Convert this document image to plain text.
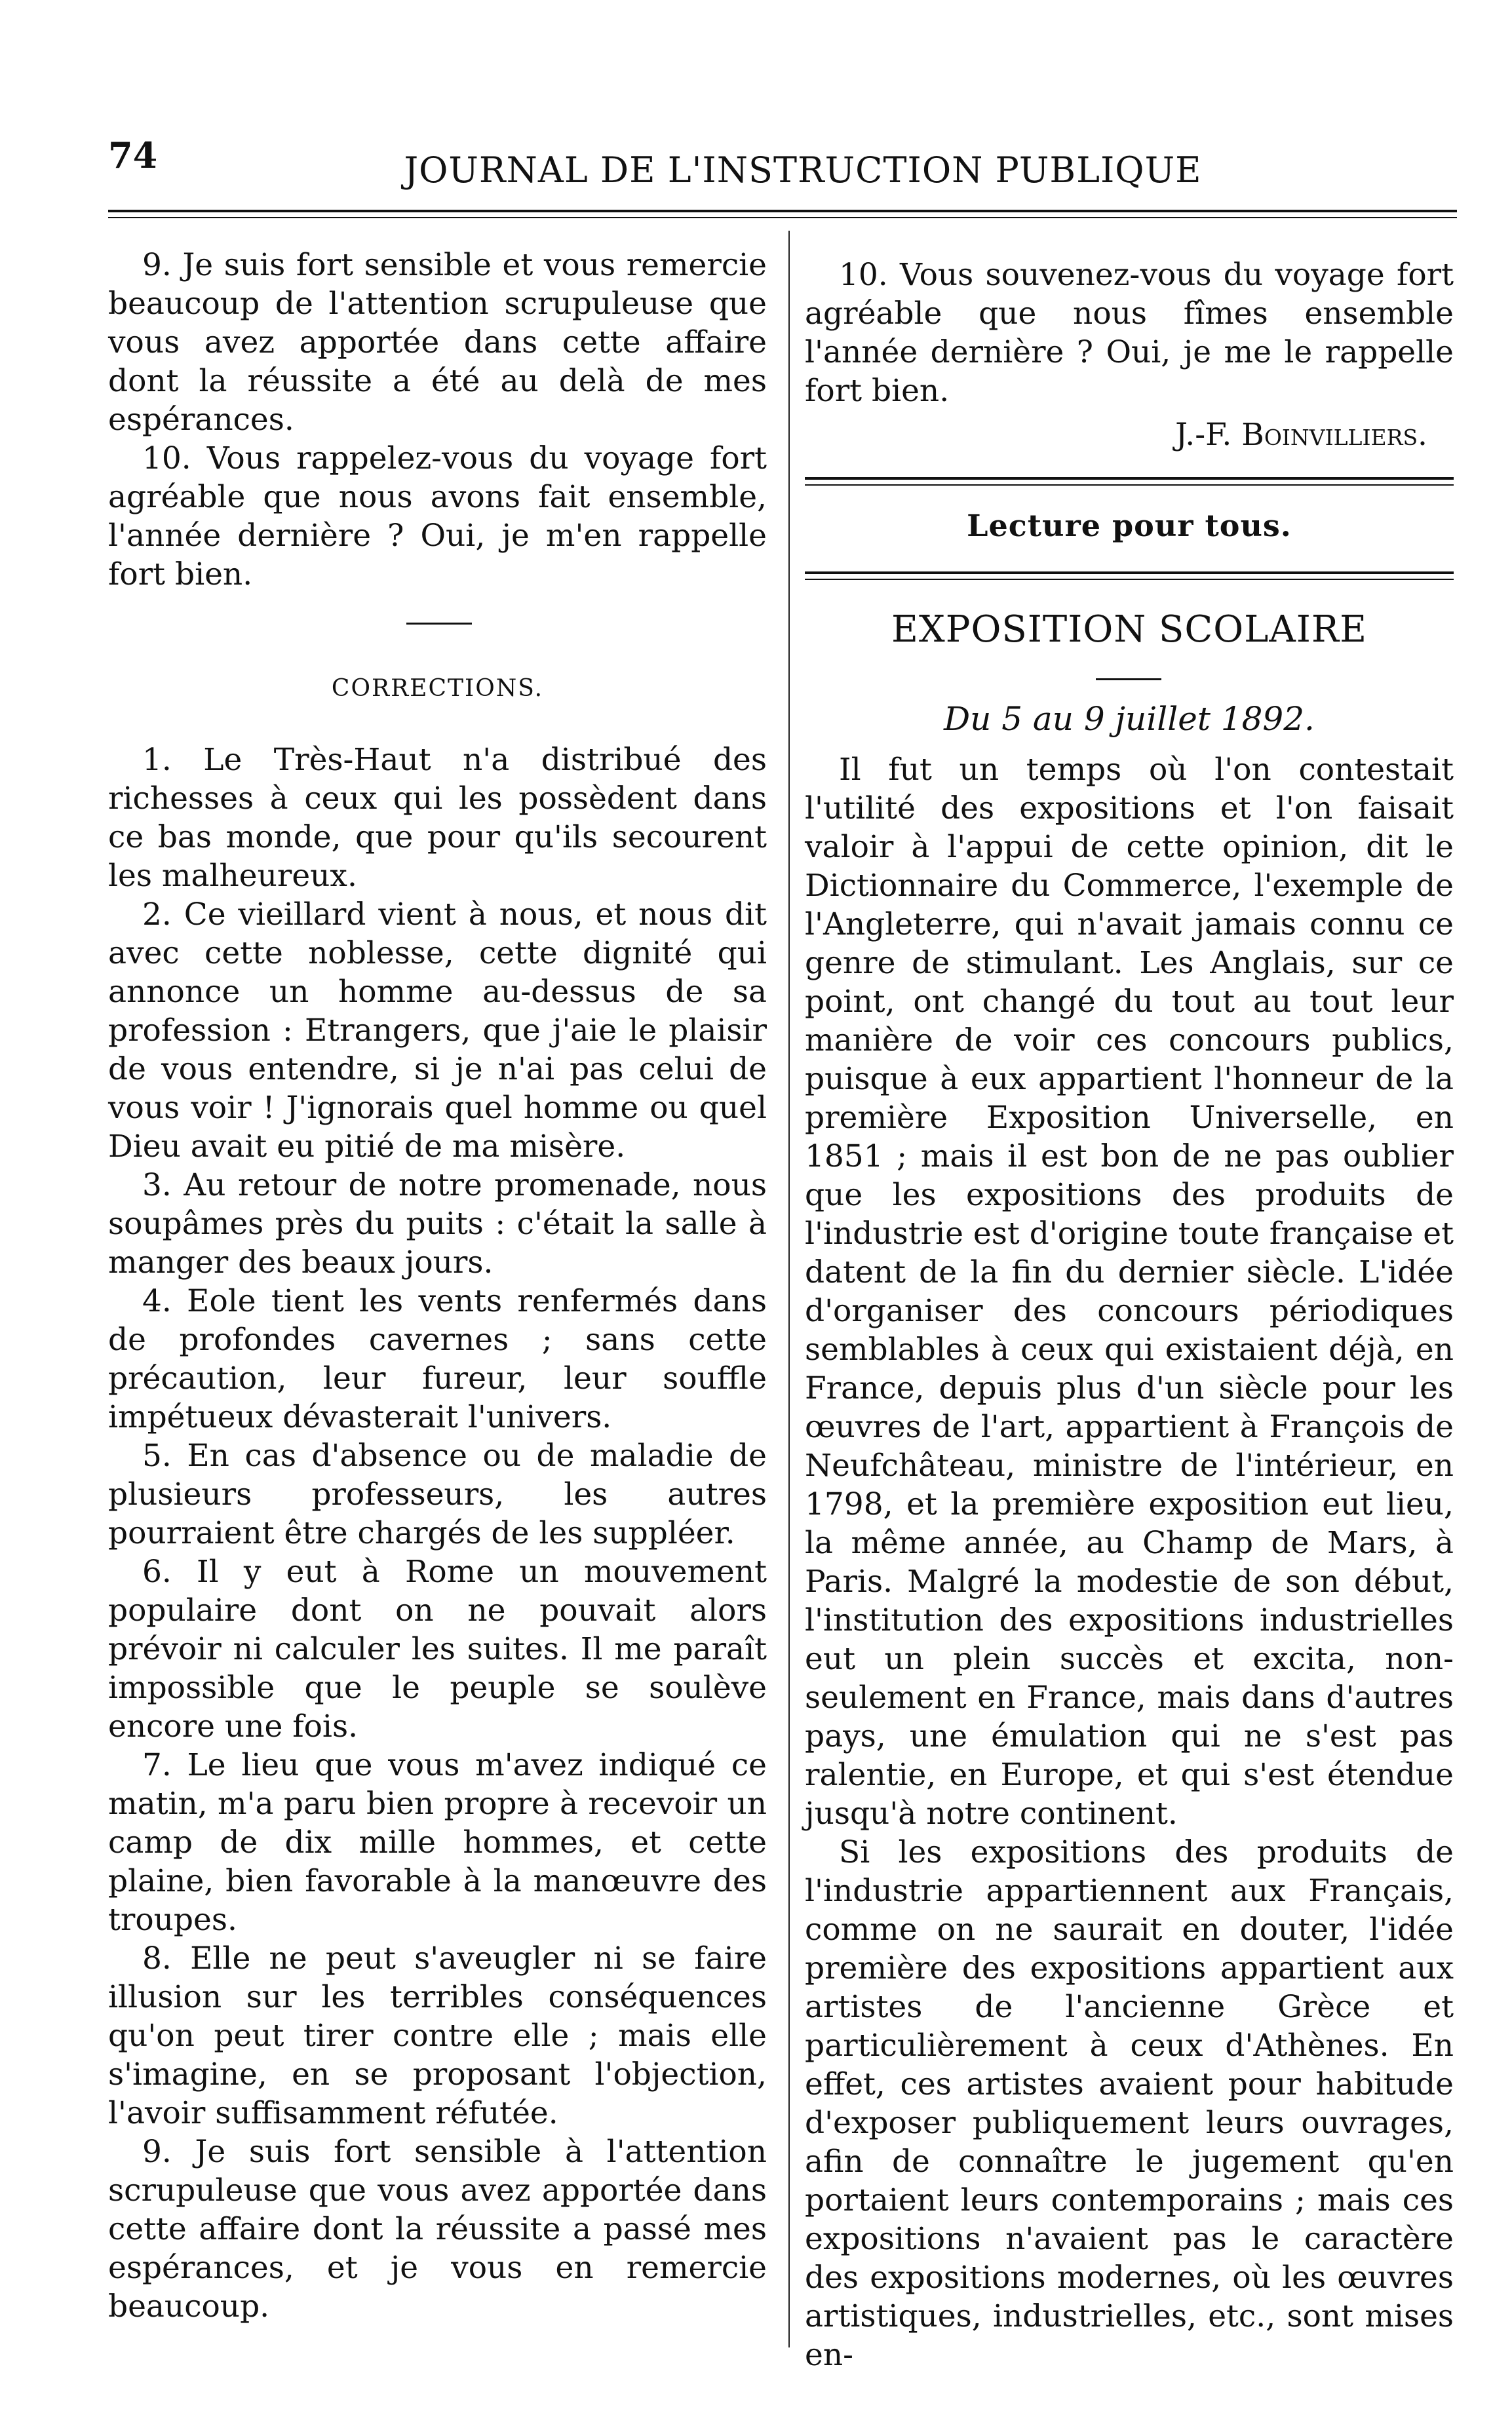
74	JOURNAL DE L'INSTRUCTION PUBLIQUE

9. Je suis fort sensible et vous remercie beaucoup de l'attention scrupuleuse que vous avez apportée dans cette affaire dont la réussite a été au delà de mes espérances.

10. Vous rappelez-vous du voyage fort agréable que nous avons fait ensemble, l'année dernière ? Oui, je m'en rappelle fort bien.

CORRECTIONS.

1. Le Très-Haut n'a distribué des richesses à ceux qui les possèdent dans ce bas monde, que pour qu'ils secourent les malheureux.

2. Ce vieillard vient à nous, et nous dit avec cette noblesse, cette dignité qui annonce un homme au-dessus de sa profession : Etrangers, que j'aie le plaisir de vous entendre, si je n'ai pas celui de vous voir ! J'ignorais quel homme ou quel Dieu avait eu pitié de ma misère.

3. Au retour de notre promenade, nous soupâmes près du puits : c'était la salle à manger des beaux jours.

4. Eole tient les vents renfermés dans de profondes cavernes ; sans cette précaution, leur fureur, leur souffle impétueux dévasterait l'univers.

5. En cas d'absence ou de maladie de plusieurs professeurs, les autres pourraient être chargés de les suppléer.

6. Il y eut à Rome un mouvement populaire dont on ne pouvait alors prévoir ni calculer les suites. Il me paraît impossible que le peuple se soulève encore une fois.

7. Le lieu que vous m'avez indiqué ce matin, m'a paru bien propre à recevoir un camp de dix mille hommes, et cette plaine, bien favorable à la manœuvre des troupes.

8. Elle ne peut s'aveugler ni se faire illusion sur les terribles conséquences qu'on peut tirer contre elle ; mais elle s'imagine, en se proposant l'objection, l'avoir suffisamment réfutée.

9. Je suis fort sensible à l'attention scrupuleuse que vous avez apportée dans cette affaire dont la réussite a passé mes espérances, et je vous en remercie beaucoup.

10. Vous souvenez-vous du voyage fort agréable que nous fîmes ensemble l'année dernière ? Oui, je me le rappelle fort bien.

J.-F. Boinvilliers.

Lecture pour tous.
EXPOSITION SCOLAIRE
Du 5 au 9 juillet 1892.

Il fut un temps où l'on contestait l'utilité des expositions et l'on faisait valoir à l'appui de cette opinion, dit le Dictionnaire du Commerce, l'exemple de l'Angleterre, qui n'avait jamais connu ce genre de stimulant. Les Anglais, sur ce point, ont changé du tout au tout leur manière de voir ces concours publics, puisque à eux appartient l'honneur de la première Exposition Universelle, en 1851 ; mais il est bon de ne pas oublier que les expositions des produits de l'industrie est d'origine toute française et datent de la fin du dernier siècle. L'idée d'organiser des concours périodiques semblables à ceux qui existaient déjà, en France, depuis plus d'un siècle pour les œuvres de l'art, appartient à François de Neufchâteau, ministre de l'intérieur, en 1798, et la première exposition eut lieu, la même année, au Champ de Mars, à Paris. Malgré la modestie de son début, l'institution des expositions industrielles eut un plein succès et excita, non-seulement en France, mais dans d'autres pays, une émulation qui ne s'est pas ralentie, en Europe, et qui s'est étendue jusqu'à notre continent.

Si les expositions des produits de l'industrie appartiennent aux Français, comme on ne saurait en douter, l'idée première des expositions appartient aux artistes de l'ancienne Grèce et particulièrement à ceux d'Athènes. En effet, ces artistes avaient pour habitude d'exposer publiquement leurs ouvrages, afin de connaître le jugement qu'en portaient leurs contemporains ; mais ces expositions n'avaient pas le caractère des expositions modernes, où les œuvres artistiques, industrielles, etc., sont mises en-
